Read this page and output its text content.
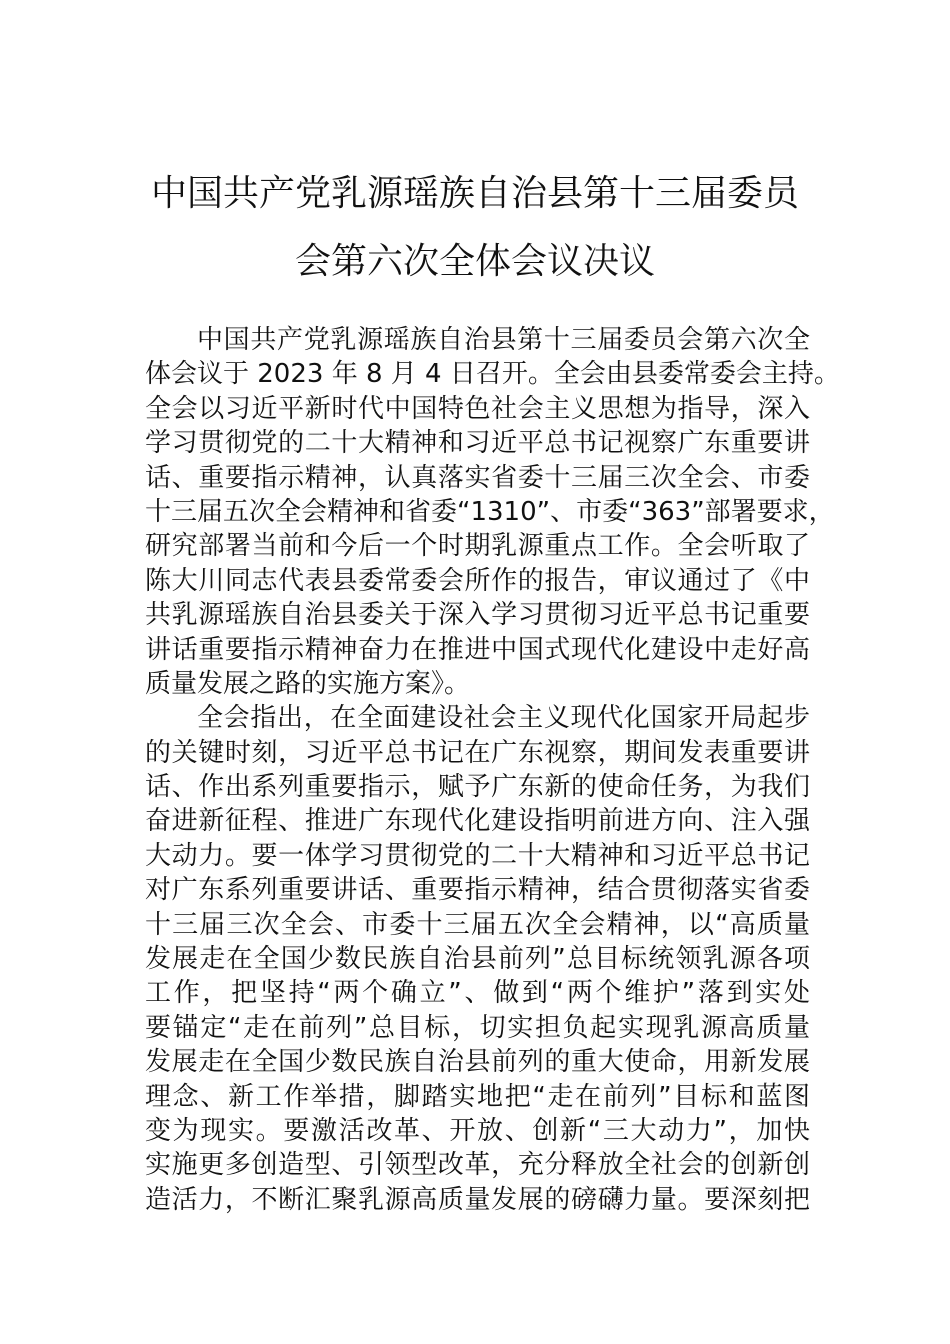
中国共产党乳源瑶族自治县第十三届委员
会第六次全体会议决议
中国共产党乳源瑶族自治县第十三届委员会第六次全
体会议于 2023 年 8 月 4 日召开。全会由县委常委会主持。
全会以习近平新时代中国特色社会主义思想为指导，深入
学习贯彻党的二十大精神和习近平总书记视察广东重要讲
话、重要指示精神，认真落实省委十三届三次全会、市委
十三届五次全会精神和省委“1310”、市委“363”部署要求，
研究部署当前和今后一个时期乳源重点工作。全会听取了
陈大川同志代表县委常委会所作的报告，审议通过了《中
共乳源瑶族自治县委关于深入学习贯彻习近平总书记重要
讲话重要指示精神奋力在推进中国式现代化建设中走好高
质量发展之路的实施方案》。
全会指出，在全面建设社会主义现代化国家开局起步
的关键时刻，习近平总书记在广东视察，期间发表重要讲
话、作出系列重要指示，赋予广东新的使命任务，为我们
奋进新征程、推进广东现代化建设指明前进方向、注入强
大动力。要一体学习贯彻党的二十大精神和习近平总书记
对广东系列重要讲话、重要指示精神，结合贯彻落实省委
十三届三次全会、市委十三届五次全会精神，以“高质量
发展走在全国少数民族自治县前列”总目标统领乳源各项
工作，把坚持“两个确立”、做到“两个维护”落到实处
要锚定“走在前列”总目标，切实担负起实现乳源高质量
发展走在全国少数民族自治县前列的重大使命，用新发展
理念、新工作举措，脚踏实地把“走在前列”目标和蓝图
变为现实。要激活改革、开放、创新“三大动力”，加快
实施更多创造型、引领型改革，充分释放全社会的创新创
造活力，不断汇聚乳源高质量发展的磅礴力量。要深刻把
